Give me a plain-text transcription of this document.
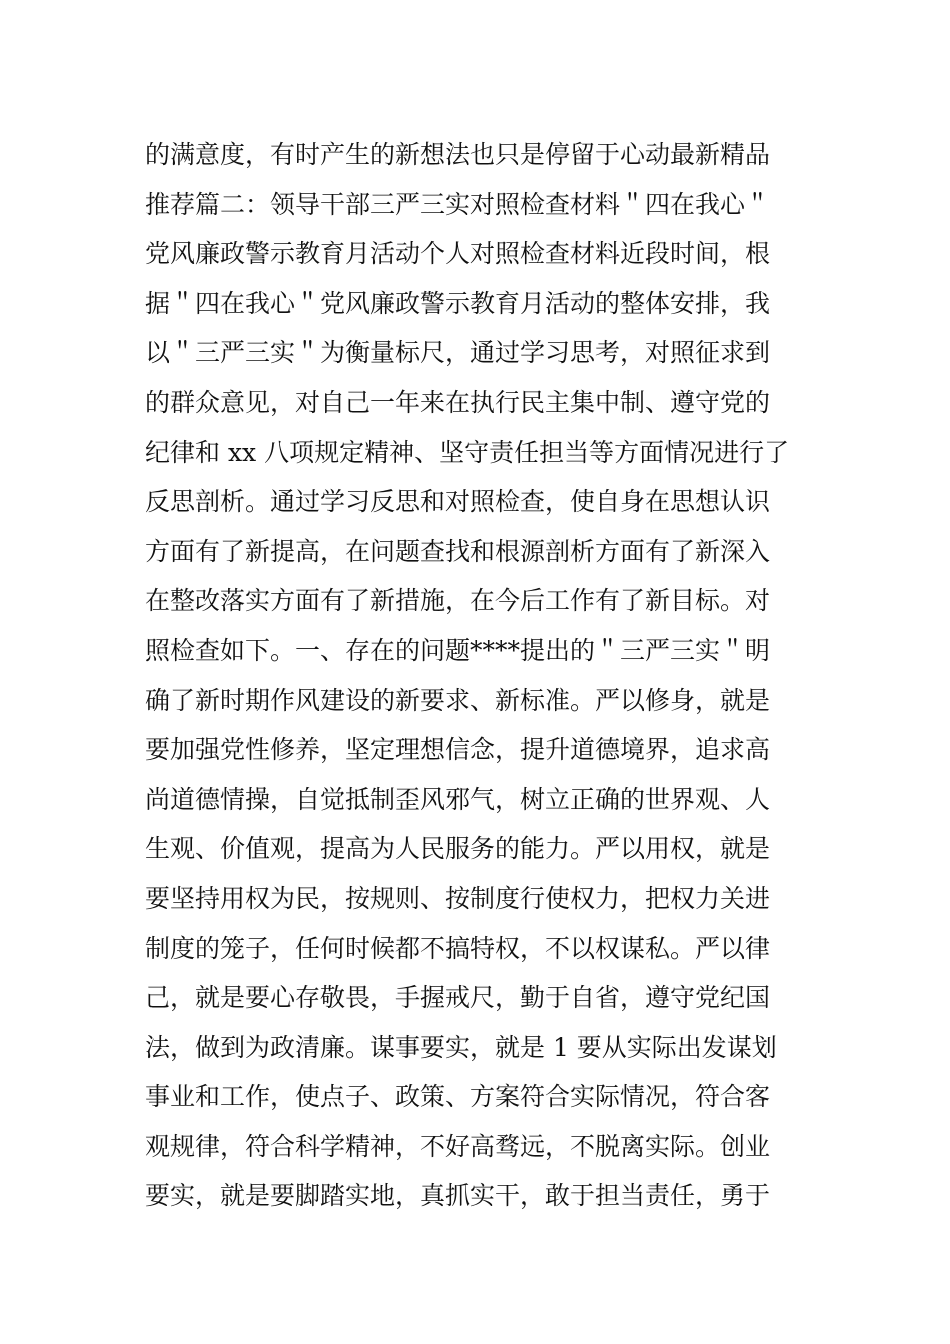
的满意度，有时产生的新想法也只是停留于心动最新精品
推荐篇二：领导干部三严三实对照检查材料＂四在我心＂
党风廉政警示教育月活动个人对照检查材料近段时间，根
据＂四在我心＂党风廉政警示教育月活动的整体安排，我
以＂三严三实＂为衡量标尺，通过学习思考，对照征求到
的群众意见，对自己一年来在执行民主集中制、遵守党的
纪律和 xx 八项规定精神、坚守责任担当等方面情况进行了
反思剖析。通过学习反思和对照检查，使自身在思想认识
方面有了新提高，在问题查找和根源剖析方面有了新深入
在整改落实方面有了新措施，在今后工作有了新目标。对
照检查如下。一、存在的问题****提出的＂三严三实＂明
确了新时期作风建设的新要求、新标准。严以修身，就是
要加强党性修养，坚定理想信念，提升道德境界，追求高
尚道德情操，自觉抵制歪风邪气，树立正确的世界观、人
生观、价值观，提高为人民服务的能力。严以用权，就是
要坚持用权为民，按规则、按制度行使权力，把权力关进
制度的笼子，任何时候都不搞特权，不以权谋私。严以律
己，就是要心存敬畏，手握戒尺，勤于自省，遵守党纪国
法，做到为政清廉。谋事要实，就是 1 要从实际出发谋划
事业和工作，使点子、政策、方案符合实际情况，符合客
观规律，符合科学精神，不好高骛远，不脱离实际。创业
要实，就是要脚踏实地，真抓实干，敢于担当责任，勇于
